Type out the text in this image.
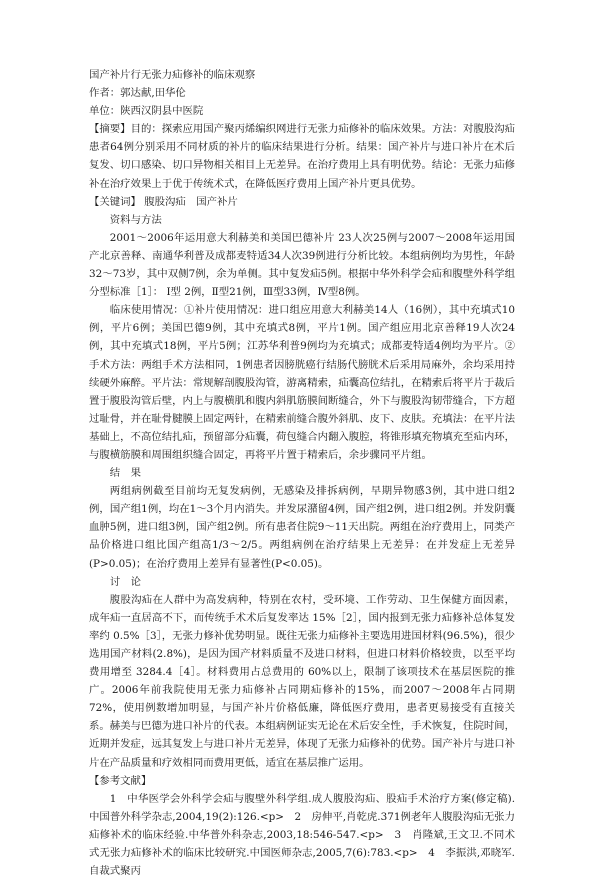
国产补片行无张力疝修补的临床观察
作者：郭达献,田华伦
单位：陕西汉阴县中医院
【摘要】目的：探索应用国产聚丙烯编织网进行无张力疝修补的临床效果。方法：对腹股沟疝患者64例分别采用不同材质的补片的临床结果进行分析。结果：国产补片与进口补片在术后复发、切口感染、切口异物相关相目上无差异。在治疗费用上具有明优势。结论：无张力疝修补在治疗效果上于优于传统术式，在降低医疗费用上国产补片更具优势。
【关键词】 腹股沟疝　国产补片
资料与方法
2001～2006年运用意大利赫美和美国巴德补片 23人次25例与2007～2008年运用国产北京善释、南通华利普及成都麦特适34人次39例进行分析比较。本组病例均为男性，年龄32～73岁，其中双侧7例，余为单侧。其中复发疝5例。根据中华外科学会疝和腹壁外科学组分型标准［1］： Ⅰ型 2例，Ⅱ型21例，Ⅲ型33例，Ⅳ型8例。
临床使用情况：①补片使用情况：进口组应用意大利赫美14人（16例），其中充填式10例，平片6例；美国巴德9例，其中充填式8例，平片1例。国产组应用北京善释19人次24例，其中充填式18例，平片5例；江苏华利普9例均为充填式；成都麦特适4例均为平片。②手术方法：两组手术方法相同，1例患者因膀胱癌行结肠代膀胱术后采用局麻外，余均采用持续硬外麻醉。平片法：常规解剖腹股沟管，游离精索，疝囊高位结扎，在精索后将平片于裁后置于腹股沟管后壁，内上与腹横肌和腹内斜肌筋膜间断缝合，外下与腹股沟韧带缝合，下方超过耻骨，并在耻骨腱膜上固定两针，在精索前缝合腹外斜肌、皮下、皮肤。充填法：在平片法基础上，不高位结扎疝，预留部分疝囊，荷包缝合内翻入腹腔，将锥形填充物填充至疝内环，与腹横筋膜和周围组织缝合固定，再将平片置于精索后，余步骤同平片组。
结　果
两组病例截至目前均无复发病例，无感染及排拆病例，早期异物感3例，其中进口组2例，国产组1例，均在1～3个月内消失。并发尿潴留4例，国产组2例，进口组2例。并发阴囊血肿5例，进口组3例，国产组2例。所有患者住院9～11天出院。两组在治疗费用上，同类产品价格进口组比国产组高1/3～2/5。两组病例在治疗结果上无差异：在并发症上无差异(P>0.05)；在治疗费用上差异有显著性(P<0.05)。
讨　论
腹股沟疝在人群中为高发病种，特别在农村，受环境、工作劳动、卫生保健方面因素，成年疝一直居高不下，而传统手术术后复发率达 15%［2］，国内报到无张力疝修补总体复发率约 0.5%［3］，无张力修补优势明显。既往无张力疝修补主要选用进国材料(96.5%)，很少选用国产材料(2.8%)，是因为国产材料质量不及进口材料，但进口材料价格较贵，以至平均费用增至 3284.4［4］。材料费用占总费用的 60%以上，限制了该项技术在基层医院的推广。2006年前我院使用无张力疝修补占同期疝修补的15%，而2007～2008年占同期72%，使用例数增加明显，与国产补片价格低廉，降低医疗费用，患者更易接受有直接关系。赫美与巴德为进口补片的代表。本组病例证实无论在术后安全性，手术恢复，住院时间，近期并发症，远其复发上与进口补片无差异，体现了无张力疝修补的优势。国产补片与进口补片在产品质量和疗效相同而费用更低，适宜在基层推广运用。
【参考文献】
1　中华医学会外科学会疝与腹壁外科学组.成人腹股沟疝、股疝手术治疗方案(修定稿).中国普外科学杂志,2004,19(2):126.<p>　2　房伸平,肖乾虎.371例老年人腹股沟疝无张力疝修补术的临床经验.中华普外科杂志,2003,18:546-547.<p>　3　肖隆斌,王文卫.不同术式无张力疝修补术的临床比较研究.中国医师杂志,2005,7(6):783.<p>　4　李振洪,邓晓军.自裁式聚丙
